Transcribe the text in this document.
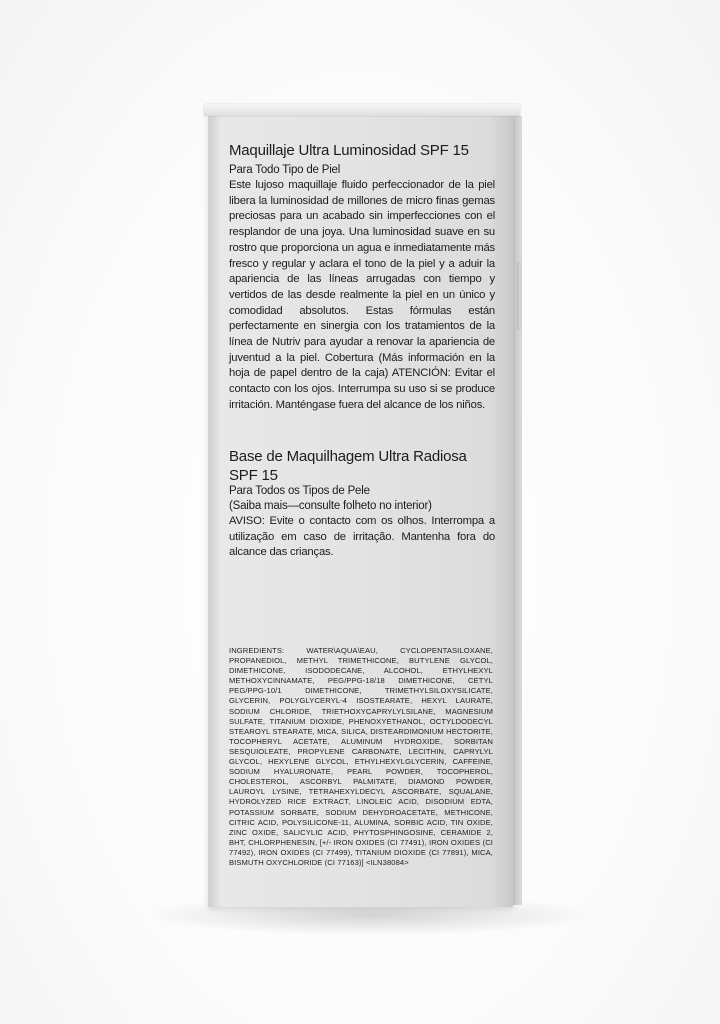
Maquillaje Ultra Luminosidad SPF 15
Para Todo Tipo de Piel
Este lujoso maquillaje fluido perfeccionador de la piel libera la luminosidad de millones de micro finas gemas preciosas para un acabado sin imperfecciones con el resplandor de una joya. Una luminosidad suave en su rostro que proporciona un agua e inmediatamente más fresco y regular y aclara el tono de la piel y a aduir la apariencia de las líneas arrugadas con tiempo y vertidos de las desde realmente la piel en un único y comodidad absolutos. Estas fórmulas están perfectamente en sinergia con los tratamientos de la línea de Nutriv para ayudar a renovar la apariencia de juventud a la piel. Cobertura (Más información en la hoja de papel dentro de la caja) ATENCIÓN: Evitar el contacto con los ojos. Interrumpa su uso si se produce irritación. Manténgase fuera del alcance de los niños.
Base de Maquilhagem Ultra Radiosa SPF 15
Para Todos os Tipos de Pele
(Saiba mais—consulte folheto no interior)
AVISO: Evite o contacto com os olhos. Interrompa a utilização em caso de irritação. Mantenha fora do alcance das crianças.
INGREDIENTS: WATER\AQUA\EAU, CYCLOPENTASILOXANE, PROPANEDIOL, METHYL TRIMETHICONE, BUTYLENE GLYCOL, DIMETHICONE, ISODODECANE, ALCOHOL, ETHYLHEXYL METHOXYCINNAMATE, PEG/PPG-18/18 DIMETHICONE, CETYL PEG/PPG-10/1 DIMETHICONE, TRIMETHYLSILOXYSILICATE, GLYCERIN, POLYGLYCERYL-4 ISOSTEARATE, HEXYL LAURATE, SODIUM CHLORIDE, TRIETHOXYCAPRYLYLSILANE, MAGNESIUM SULFATE, TITANIUM DIOXIDE, PHENOXYETHANOL, OCTYLDODECYL STEAROYL STEARATE, MICA, SILICA, DISTEARDIMONIUM HECTORITE, TOCOPHERYL ACETATE, ALUMINUM HYDROXIDE, SORBITAN SESQUIOLEATE, PROPYLENE CARBONATE, LECITHIN, CAPRYLYL GLYCOL, HEXYLENE GLYCOL, ETHYLHEXYLGLYCERIN, CAFFEINE, SODIUM HYALURONATE, PEARL POWDER, TOCOPHEROL, CHOLESTEROL, ASCORBYL PALMITATE, DIAMOND POWDER, LAUROYL LYSINE, TETRAHEXYLDECYL ASCORBATE, SQUALANE, HYDROLYZED RICE EXTRACT, LINOLEIC ACID, DISODIUM EDTA, POTASSIUM SORBATE, SODIUM DEHYDROACETATE, METHICONE, CITRIC ACID, POLYSILICONE-11, ALUMINA, SORBIC ACID, TIN OXIDE, ZINC OXIDE, SALICYLIC ACID, PHYTOSPHINGOSINE, CERAMIDE 2, BHT, CHLORPHENESIN, [+/- IRON OXIDES (CI 77491), IRON OXIDES (CI 77492), IRON OXIDES (CI 77499), TITANIUM DIOXIDE (CI 77891), MICA, BISMUTH OXYCHLORIDE (CI 77163)] <ILN38084>
